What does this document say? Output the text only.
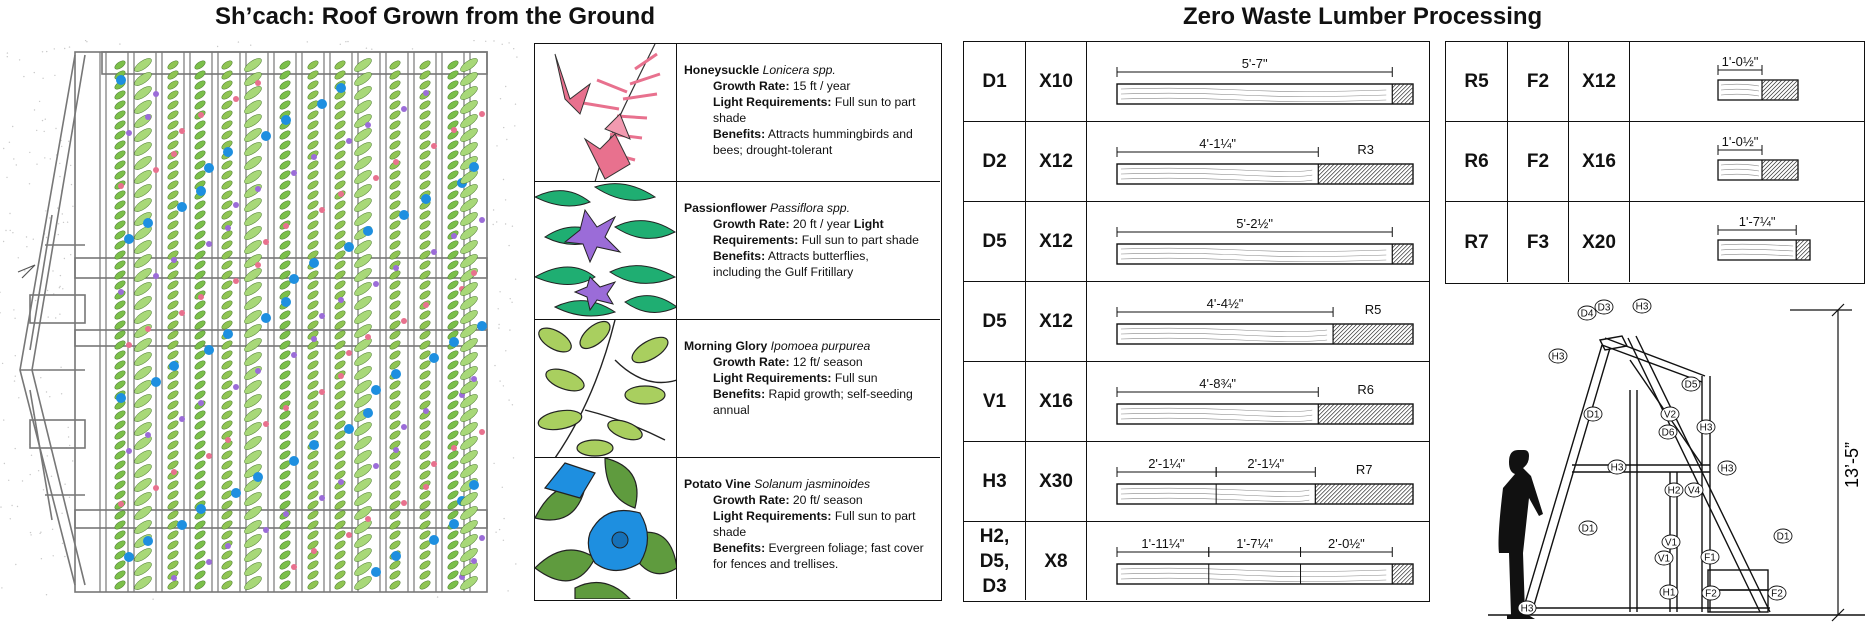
Sh’cach: Roof Grown from the Ground	Zero Waste Lumber Processing
Honeysuckle Lonicera spp.
Growth Rate: 15 ft / year
Light Requirements: Full sun to part
shade
Benefits: Attracts hummingbirds and
bees; drought-tolerant
Passionflower Passiflora spp.
Growth Rate: 20 ft / year Light
Requirements: Full sun to part shade
Benefits: Attracts butterflies,
including the Gulf Fritillary
Morning Glory Ipomoea purpurea
Growth Rate: 12 ft/ season
Light Requirements: Full sun
Benefits: Rapid growth; self-seeding
annual
Potato Vine Solanum jasminoides
Growth Rate: 20 ft/ season
Light Requirements: Full sun to part
shade
Benefits: Evergreen foliage; fast cover
for fences and trellises.
D1 X10
5'-7"
D2 X12
4'-1¼"	R3
D5 X12
5'-2½"
D5 X12
4'-4½"	R5
V1 X16
4'-8¾"	R6
H3 X30
2'-1¼"	2'-1¼"	R7
H2,
D5,
D3
X8
1'-11¼"	1'-7¼"	2'-0½"
R5 F2 X12
1'-0½"
R6 F2 X16
1'-0½"
R7 F3 X20
1'-7¼"
13’-5”
D4
D3	H3
H3
D5
D1	V2
D6	H3
H3	H3
H2 V4
D1
V1
V1	F1
D1
H1	F2	F2
H3
